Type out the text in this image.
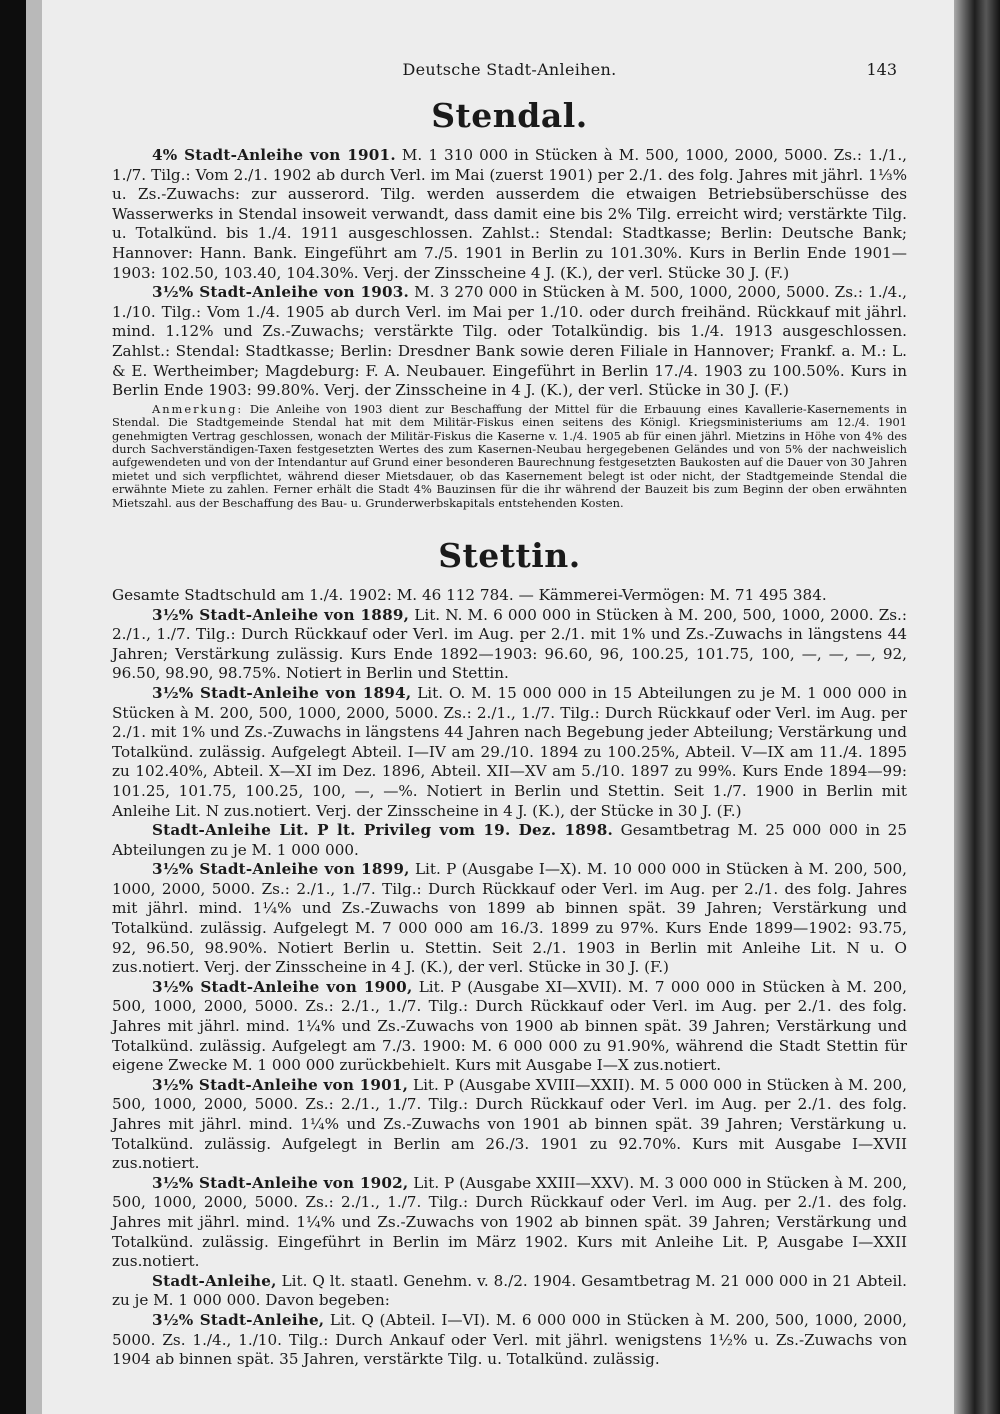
Deutsche Stadt-Anleihen.	143
Stendal.

4% Stadt-Anleihe von 1901. M. 1 310 000 in Stücken à M. 500, 1000, 2000, 5000. Zs.: 1./1., 1./7. Tilg.: Vom 2./1. 1902 ab durch Verl. im Mai (zuerst 1901) per 2./1. des folg. Jahres mit jährl. 1⅓% u. Zs.-Zuwachs: zur ausserord. Tilg. werden ausserdem die etwaigen Betriebsüberschüsse des Wasserwerks in Stendal insoweit verwandt, dass damit eine bis 2% Tilg. erreicht wird; verstärkte Tilg. u. Totalkünd. bis 1./4. 1911 ausgeschlossen. Zahlst.: Stendal: Stadtkasse; Berlin: Deutsche Bank; Hannover: Hann. Bank. Eingeführt am 7./5. 1901 in Berlin zu 101.30%. Kurs in Berlin Ende 1901—1903: 102.50, 103.40, 104.30%. Verj. der Zinsscheine 4 J. (K.), der verl. Stücke 30 J. (F.)

3½% Stadt-Anleihe von 1903. M. 3 270 000 in Stücken à M. 500, 1000, 2000, 5000. Zs.: 1./4., 1./10. Tilg.: Vom 1./4. 1905 ab durch Verl. im Mai per 1./10. oder durch freihänd. Rückkauf mit jährl. mind. 1.12% und Zs.-Zuwachs; verstärkte Tilg. oder Totalkündig. bis 1./4. 1913 ausgeschlossen. Zahlst.: Stendal: Stadtkasse; Berlin: Dresdner Bank sowie deren Filiale in Hannover; Frankf. a. M.: L. & E. Wertheimber; Magdeburg: F. A. Neubauer. Eingeführt in Berlin 17./4. 1903 zu 100.50%. Kurs in Berlin Ende 1903: 99.80%. Verj. der Zinsscheine in 4 J. (K.), der verl. Stücke in 30 J. (F.)

Anmerkung: Die Anleihe von 1903 dient zur Beschaffung der Mittel für die Erbauung eines Kavallerie-Kasernements in Stendal. Die Stadtgemeinde Stendal hat mit dem Militär-Fiskus einen seitens des Königl. Kriegsministeriums am 12./4. 1901 genehmigten Vertrag geschlossen, wonach der Militär-Fiskus die Kaserne v. 1./4. 1905 ab für einen jährl. Mietzins in Höhe von 4% des durch Sachverständigen-Taxen festgesetzten Wertes des zum Kasernen-Neubau hergegebenen Geländes und von 5% der nachweislich aufgewendeten und von der Intendantur auf Grund einer besonderen Baurechnung festgesetzten Baukosten auf die Dauer von 30 Jahren mietet und sich verpflichtet, während dieser Mietsdauer, ob das Kasernement belegt ist oder nicht, der Stadtgemeinde Stendal die erwähnte Miete zu zahlen. Ferner erhält die Stadt 4% Bauzinsen für die ihr während der Bauzeit bis zum Beginn der oben erwähnten Mietszahl. aus der Beschaffung des Bau- u. Grunderwerbskapitals entstehenden Kosten.

Stettin.

Gesamte Stadtschuld am 1./4. 1902: M. 46 112 784. — Kämmerei-Vermögen: M. 71 495 384.

3½% Stadt-Anleihe von 1889, Lit. N. M. 6 000 000 in Stücken à M. 200, 500, 1000, 2000. Zs.: 2./1., 1./7. Tilg.: Durch Rückkauf oder Verl. im Aug. per 2./1. mit 1% und Zs.-Zuwachs in längstens 44 Jahren; Verstärkung zulässig. Kurs Ende 1892—1903: 96.60, 96, 100.25, 101.75, 100, —, —, —, 92, 96.50, 98.90, 98.75%. Notiert in Berlin und Stettin.

3½% Stadt-Anleihe von 1894, Lit. O. M. 15 000 000 in 15 Abteilungen zu je M. 1 000 000 in Stücken à M. 200, 500, 1000, 2000, 5000. Zs.: 2./1., 1./7. Tilg.: Durch Rückkauf oder Verl. im Aug. per 2./1. mit 1% und Zs.-Zuwachs in längstens 44 Jahren nach Begebung jeder Abteilung; Verstärkung und Totalkünd. zulässig. Aufgelegt Abteil. I—IV am 29./10. 1894 zu 100.25%, Abteil. V—IX am 11./4. 1895 zu 102.40%, Abteil. X—XI im Dez. 1896, Abteil. XII—XV am 5./10. 1897 zu 99%. Kurs Ende 1894—99: 101.25, 101.75, 100.25, 100, —, —%. Notiert in Berlin und Stettin. Seit 1./7. 1900 in Berlin mit Anleihe Lit. N zus.notiert. Verj. der Zinsscheine in 4 J. (K.), der Stücke in 30 J. (F.)

Stadt-Anleihe Lit. P lt. Privileg vom 19. Dez. 1898. Gesamtbetrag M. 25 000 000 in 25 Abteilungen zu je M. 1 000 000.

3½% Stadt-Anleihe von 1899, Lit. P (Ausgabe I—X). M. 10 000 000 in Stücken à M. 200, 500, 1000, 2000, 5000. Zs.: 2./1., 1./7. Tilg.: Durch Rückkauf oder Verl. im Aug. per 2./1. des folg. Jahres mit jährl. mind. 1¼% und Zs.-Zuwachs von 1899 ab binnen spät. 39 Jahren; Verstärkung und Totalkünd. zulässig. Aufgelegt M. 7 000 000 am 16./3. 1899 zu 97%. Kurs Ende 1899—1902: 93.75, 92, 96.50, 98.90%. Notiert Berlin u. Stettin. Seit 2./1. 1903 in Berlin mit Anleihe Lit. N u. O zus.notiert. Verj. der Zinsscheine in 4 J. (K.), der verl. Stücke in 30 J. (F.)

3½% Stadt-Anleihe von 1900, Lit. P (Ausgabe XI—XVII). M. 7 000 000 in Stücken à M. 200, 500, 1000, 2000, 5000. Zs.: 2./1., 1./7. Tilg.: Durch Rückkauf oder Verl. im Aug. per 2./1. des folg. Jahres mit jährl. mind. 1¼% und Zs.-Zuwachs von 1900 ab binnen spät. 39 Jahren; Verstärkung und Totalkünd. zulässig. Aufgelegt am 7./3. 1900: M. 6 000 000 zu 91.90%, während die Stadt Stettin für eigene Zwecke M. 1 000 000 zurückbehielt. Kurs mit Ausgabe I—X zus.notiert.

3½% Stadt-Anleihe von 1901, Lit. P (Ausgabe XVIII—XXII). M. 5 000 000 in Stücken à M. 200, 500, 1000, 2000, 5000. Zs.: 2./1., 1./7. Tilg.: Durch Rückkauf oder Verl. im Aug. per 2./1. des folg. Jahres mit jährl. mind. 1¼% und Zs.-Zuwachs von 1901 ab binnen spät. 39 Jahren; Verstärkung u. Totalkünd. zulässig. Aufgelegt in Berlin am 26./3. 1901 zu 92.70%. Kurs mit Ausgabe I—XVII zus.notiert.

3½% Stadt-Anleihe von 1902, Lit. P (Ausgabe XXIII—XXV). M. 3 000 000 in Stücken à M. 200, 500, 1000, 2000, 5000. Zs.: 2./1., 1./7. Tilg.: Durch Rückkauf oder Verl. im Aug. per 2./1. des folg. Jahres mit jährl. mind. 1¼% und Zs.-Zuwachs von 1902 ab binnen spät. 39 Jahren; Verstärkung und Totalkünd. zulässig. Eingeführt in Berlin im März 1902. Kurs mit Anleihe Lit. P, Ausgabe I—XXII zus.notiert.

Stadt-Anleihe, Lit. Q lt. staatl. Genehm. v. 8./2. 1904. Gesamtbetrag M. 21 000 000 in 21 Abteil. zu je M. 1 000 000. Davon begeben:

3½% Stadt-Anleihe, Lit. Q (Abteil. I—VI). M. 6 000 000 in Stücken à M. 200, 500, 1000, 2000, 5000. Zs. 1./4., 1./10. Tilg.: Durch Ankauf oder Verl. mit jährl. wenigstens 1½% u. Zs.-Zuwachs von 1904 ab binnen spät. 35 Jahren, verstärkte Tilg. u. Totalkünd. zulässig.
